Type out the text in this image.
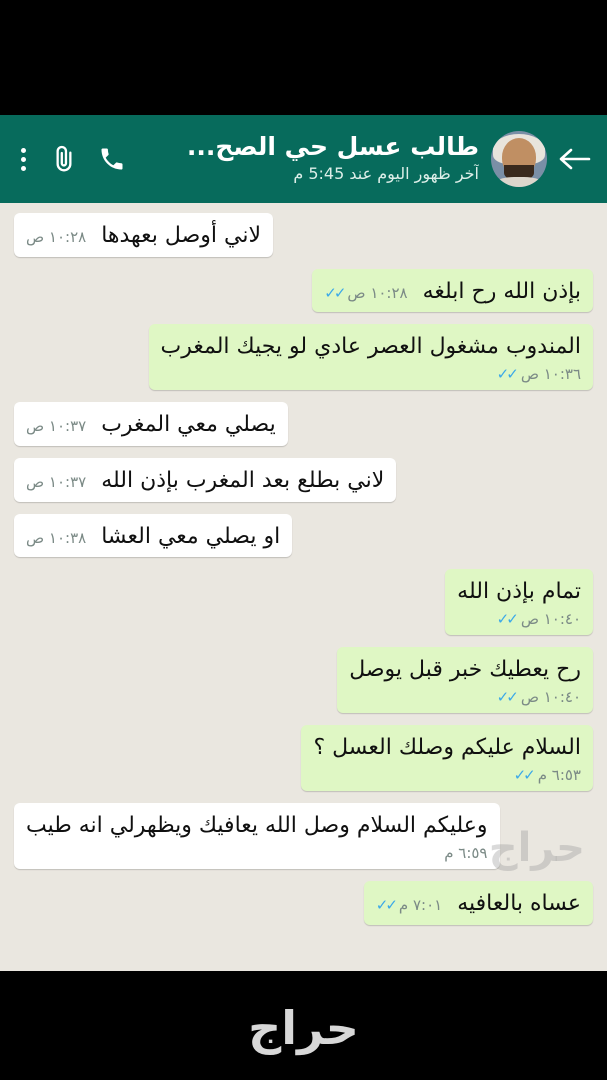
طالب عسل حي الصح...
آخر ظهور اليوم عند 5:45 م
لاني أوصل بعهدها
١٠:٢٨ ص
بإذن الله رح ابلغه
١٠:٢٨ ص
✓✓
المندوب مشغول العصر عادي لو يجيك المغرب
١٠:٣٦ ص
✓✓
يصلي معي المغرب
١٠:٣٧ ص
لاني بطلع بعد المغرب بإذن الله
١٠:٣٧ ص
او يصلي معي العشا
١٠:٣٨ ص
تمام بإذن الله
١٠:٤٠ ص
✓✓
رح يعطيك خبر قبل يوصل
١٠:٤٠ ص
✓✓
السلام عليكم وصلك العسل ؟
٦:٥٣ م
✓✓
وعليكم السلام وصل الله يعافيك ويظهرلي انه طيب
٦:٥٩ م
عساه بالعافيه
٧:٠١ م
✓✓
حراج
حراج
